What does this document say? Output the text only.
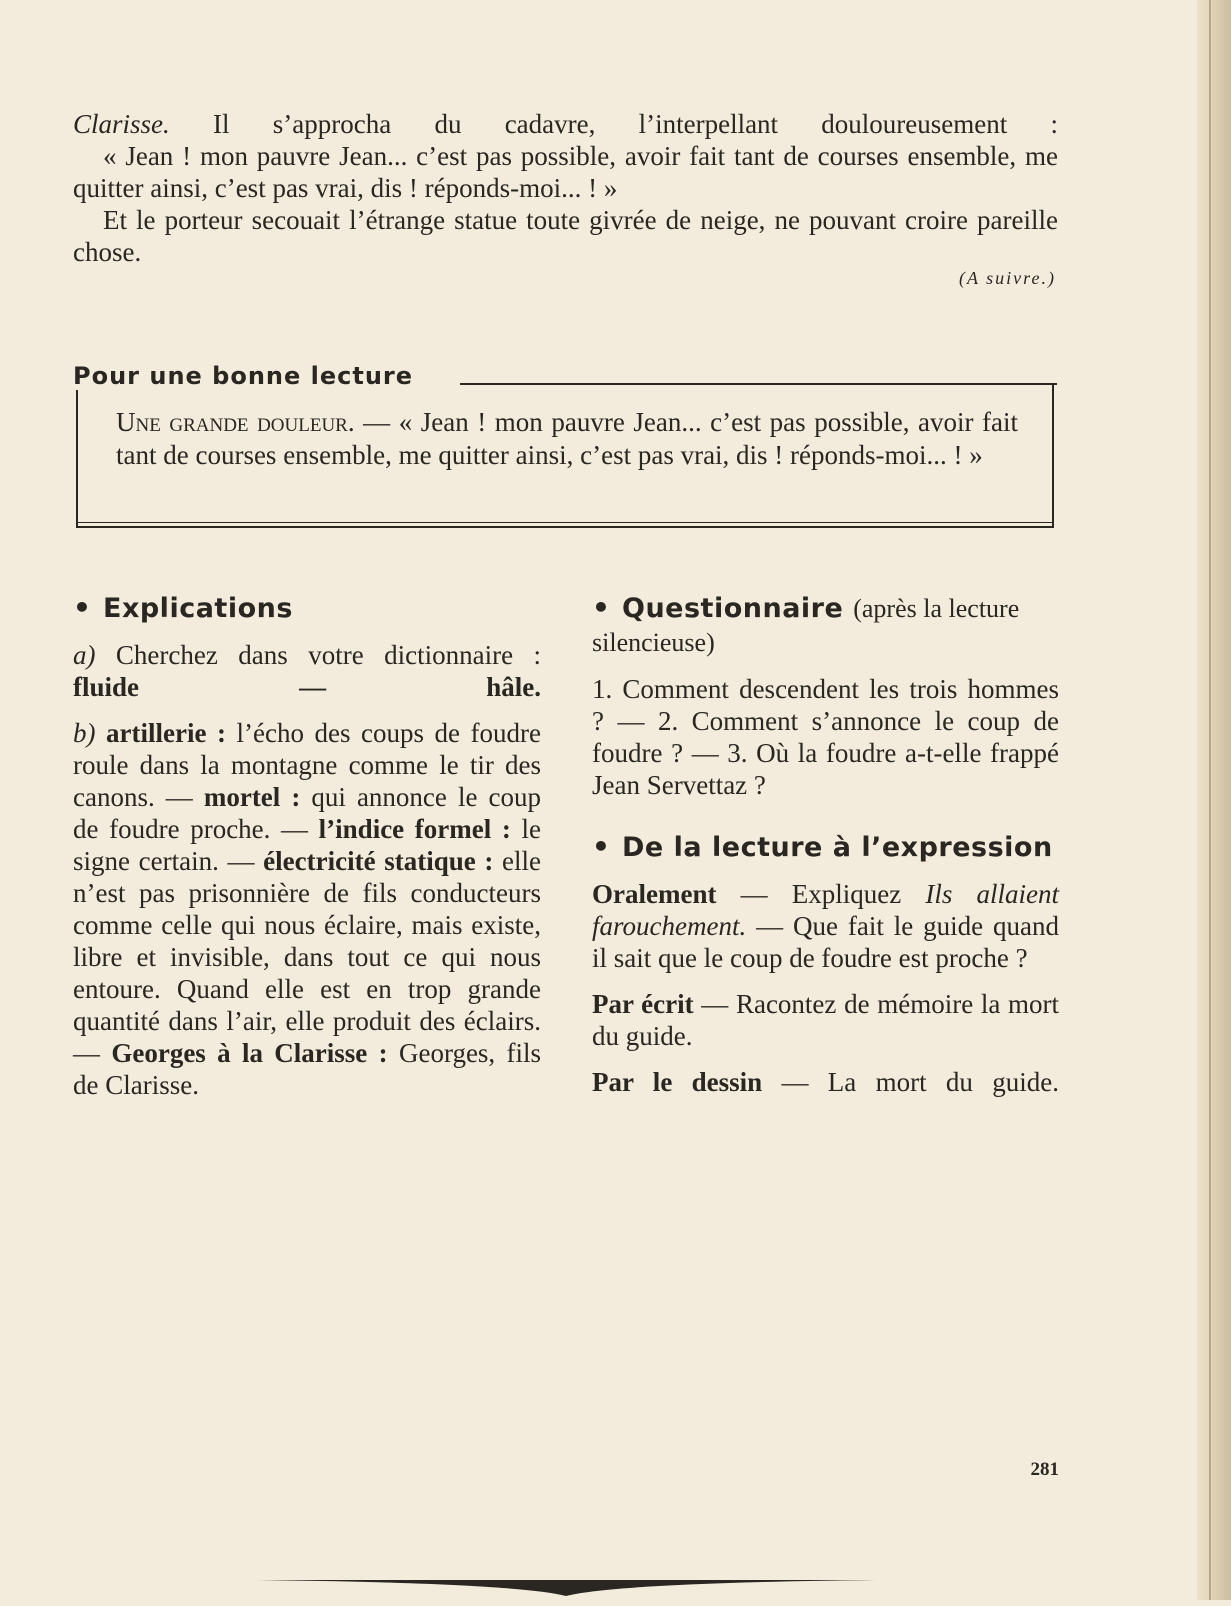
Clarisse. Il s’approcha du cadavre, l’interpellant douloureusement :

« Jean ! mon pauvre Jean... c’est pas possible, avoir fait tant de courses ensemble, me quitter ainsi, c’est pas vrai, dis ! réponds-moi... ! »

Et le porteur secouait l’étrange statue toute givrée de neige, ne pouvant croire pareille chose.

(A suivre.)
Pour une bonne lecture

Une grande douleur. — « Jean ! mon pauvre Jean... c’est pas possible, avoir fait tant de courses ensemble, me quitter ainsi, c’est pas vrai, dis ! réponds-moi... ! »

• Explications

a) Cherchez dans votre dictionnaire : fluide — hâle.

b) artillerie : l’écho des coups de foudre roule dans la montagne comme le tir des canons. — mortel : qui annonce le coup de foudre proche. — l’indice formel : le signe certain. — électricité statique : elle n’est pas prisonnière de fils conducteurs comme celle qui nous éclaire, mais existe, libre et invisible, dans tout ce qui nous entoure. Quand elle est en trop grande quantité dans l’air, elle produit des éclairs. — Georges à la Clarisse : Georges, fils de Clarisse.

• Questionnaire (après la lecture

silencieuse)

1. Comment descendent les trois hommes ? — 2. Comment s’annonce le coup de foudre ? — 3. Où la foudre a-t-elle frappé Jean Servettaz ?

• De la lecture à l’expression

Oralement — Expliquez Ils allaient farouchement. — Que fait le guide quand il sait que le coup de foudre est proche ?

Par écrit — Racontez de mémoire la mort du guide.

Par le dessin — La mort du guide.

281
